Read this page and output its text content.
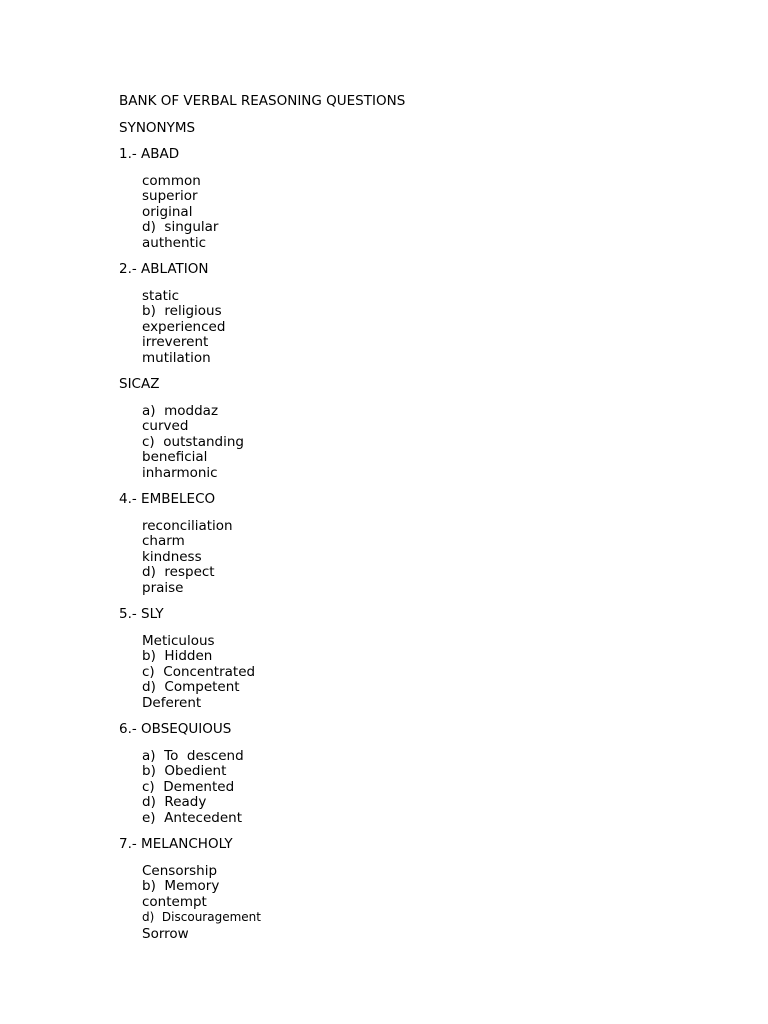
BANK OF VERBAL REASONING QUESTIONS

SYNONYMS

1.- ABAD

common
superior
original
d)  singular
authentic

2.- ABLATION

static
b)  religious
experienced
irreverent
mutilation

SICAZ

a)  moddaz
curved
c)  outstanding
beneficial
inharmonic

4.- EMBELECO

reconciliation
charm
kindness
d)  respect
praise

5.- SLY

Meticulous
b)  Hidden
c)  Concentrated
d)  Competent
Deferent

6.- OBSEQUIOUS

a)  To  descend
b)  Obedient
c)  Demented
d)  Ready
e)  Antecedent

7.- MELANCHOLY

Censorship
b)  Memory
contempt
d)  Discouragement
Sorrow
